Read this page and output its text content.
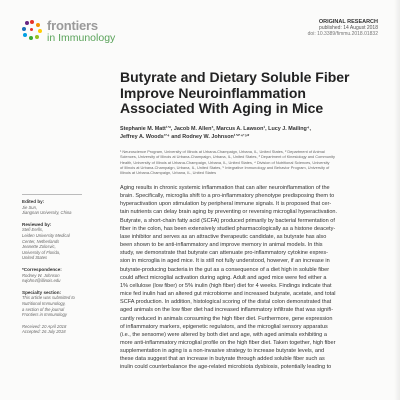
frontiers
in Immunology
ORIGINAL RESEARCH
published: 14 August 2018
doi: 10.3389/fimmu.2018.01832
Butyrate and Dietary Soluble Fiber Improve Neuroinflammation Associated With Aging in Mice
Stephanie M. Matt¹ʼ², Jacob M. Allen³, Marcus A. Lawson¹, Lucy J. Mailing⁴,
Jeffrey A. Woods³ʼ⁴ and Rodney W. Johnson¹ʼ²ʼ⁴ʼ⁵*
¹ Neuroscience Program, University of Illinois at Urbana-Champaign, Urbana, IL, United States, ² Department of Animal
Sciences, University of Illinois at Urbana-Champaign, Urbana, IL, United States, ³ Department of Kinesiology and Community
Health, University of Illinois at Urbana-Champaign, Urbana, IL, United States, ⁴ Division of Nutritional Sciences, University
of Illinois at Urbana-Champaign, Urbana, IL, United States, ⁵ Integrative Immunology and Behavior Program, University of
Illinois at Urbana-Champaign, Urbana, IL, United States
Edited by:
Jie Sun,
Jiangnan University, China
Reviewed by:
Stefi Eerlls,
Leiden University Medical
Center, Netherlands
Jeanette Zolosvic,
University of Florida,
United States
*Correspondence:
Rodney W. Johnson
rwjohn4@illinois.edu
Specialty section:
This article was submitted to
Nutritional Immunology,
a section of the journal
Frontiers in Immunology
Received: 20 April 2018
Accepted: 26 July 2018

Aging results in chronic systemic inflammation that can alter neuroinflammation of the

brain. Specifically, microglia shift to a pro-inflammatory phenotype predisposing them to

hyperactivation upon stimulation by peripheral immune signals. It is proposed that cer-

tain nutrients can delay brain aging by preventing or reversing microglial hyperactivation.

Butyrate, a short-chain fatty acid (SCFA) produced primarily by bacterial fermentation of

fiber in the colon, has been extensively studied pharmacologically as a histone deacety-

lase inhibitor and serves as an attractive therapeutic candidate, as butyrate has also

been shown to be anti-inflammatory and improve memory in animal models. In this

study, we demonstrate that butyrate can attenuate pro-inflammatory cytokine expres-

sion in microglia in aged mice. It is still not fully understood, however, if an increase in

butyrate-producing bacteria in the gut as a consequence of a diet high in soluble fiber

could affect microglial activation during aging. Adult and aged mice were fed either a

1% cellulose (low fiber) or 5% inulin (high fiber) diet for 4 weeks. Findings indicate that

mice fed inulin had an altered gut microbiome and increased butyrate, acetate, and total

SCFA production. In addition, histological scoring of the distal colon demonstrated that

aged animals on the low fiber diet had increased inflammatory infiltrate that was signifi-

cantly reduced in animals consuming the high fiber diet. Furthermore, gene expression

of inflammatory markers, epigenetic regulators, and the microglial sensory apparatus

(i.e., the sensome) were altered by both diet and age, with aged animals exhibiting a

more anti-inflammatory microglial profile on the high fiber diet. Taken together, high fiber

supplementation in aging is a non-invasive strategy to increase butyrate levels, and

these data suggest that an increase in butyrate through added soluble fiber such as

inulin could counterbalance the age-related microbiota dysbiosis, potentially leading to
